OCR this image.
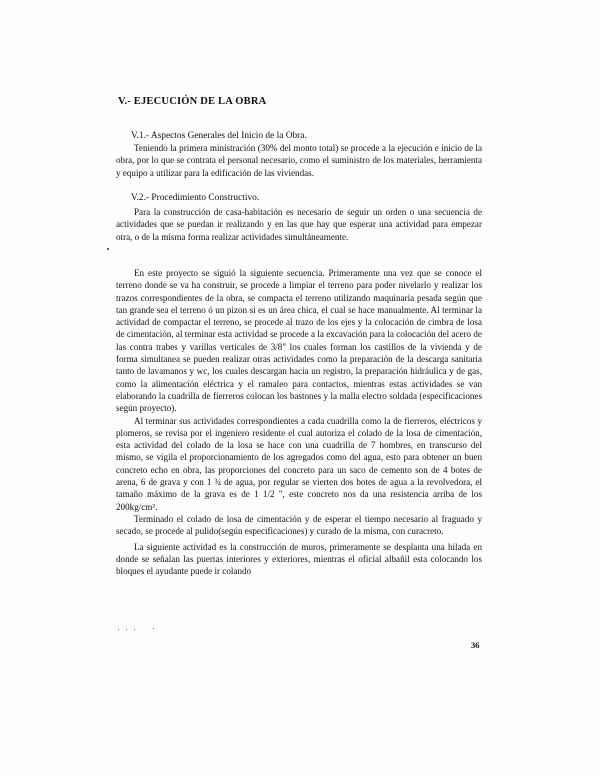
V.- EJECUCIÓN DE LA OBRA
V.1.- Aspectos Generales del Inicio de la Obra.

Teniendo la primera ministración (30% del monto total) se procede a la ejecución e inicio de la obra, por lo que se contrata el personal necesario, como el suministro de los materiales, herramienta y equipo a utilizar para la edificación de las viviendas.

V.2.- Procedimiento Constructivo.

Para la construcción de casa-habitación es necesario de seguir un orden o una secuencia de actividades que se puedan ir realizando y en las que hay que esperar una actividad para empezar otra, o de la misma forma realizar actividades simultáneamente.

En este proyecto se siguió la siguiente secuencia. Primeramente una vez que se conoce el terreno donde se va ha construir, se procede a limpiar el terreno para poder nivelarlo y realizar los trazos correspondientes de la obra, se compacta el terreno utilizando maquinaria pesada según que tan grande sea el terreno ó un pizon si es un área chica, el cual se hace manualmente. Al terminar la actividad de compactar el terreno, se procede al trazo de los ejes y la colocación de cimbra de losa de cimentación, al terminar esta actividad se procede a la excavación para la colocación del acero de las contra trabes y varillas verticales de 3/8" los cuales forman los castillos de la vivienda y de forma simultanea se pueden realizar otras actividades como la preparación de la descarga sanitaria tanto de lavamanos y wc, los cuales descargan hacia un registro, la preparación hidráulica y de gas, como la alimentación eléctrica y el ramaleo para contactos, mientras estas actividades se van elaborando la cuadrilla de fierreros colocan los bastones y la malla electro soldada (especificaciones según proyecto).

Al terminar sus actividades correspondientes a cada cuadrilla como la de fierreros, eléctricos y plomeros, se revisa por el ingeniero residente el cual autoriza el colado de la losa de cimentación, esta actividad del colado de la losa se hace con una cuadrilla de 7 hombres, en transcurso del mismo, se vigila el proporcionamiento de los agregados como del agua, esto para obtener un buen concreto echo en obra, las proporciones del concreto para un saco de cemento son de 4 botes de arena, 6 de grava y con 1 ¾ de agua, por regular se vierten dos botes de agua a la revolvedora, el tamaño máximo de la grava es de 1 1/2 ", este concreto nos da una resistencia arriba de los 200kg/cm².

Terminado el colado de losa de cimentación y de esperar el tiempo necesario al fraguado y secado, se procede al pulido(según especificaciones) y curado de la misma, con curacreto.

La siguiente actividad es la construcción de muros, primeramente se desplanta una hilada en donde se señalan las puertas interiores y exteriores, mientras el oficial albañil esta colocando los bloques el ayudante puede ir colando

36
